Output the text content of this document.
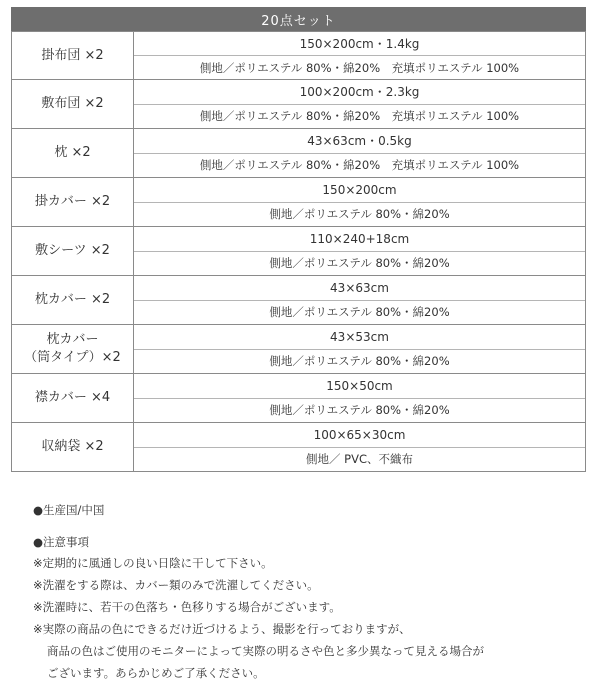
20点セット
掛布団 ×2
150×200cm・1.4kg
側地／ポリエステル 80%・綿20%　充填ポリエステル 100%
敷布団 ×2
100×200cm・2.3kg
側地／ポリエステル 80%・綿20%　充填ポリエステル 100%
枕 ×2
43×63cm・0.5kg
側地／ポリエステル 80%・綿20%　充填ポリエステル 100%
掛カバー ×2
150×200cm
側地／ポリエステル 80%・綿20%
敷シーツ ×2
110×240+18cm
側地／ポリエステル 80%・綿20%
枕カバー ×2
43×63cm
側地／ポリエステル 80%・綿20%
枕カバー
（筒タイプ）×2
43×53cm
側地／ポリエステル 80%・綿20%
襟カバー ×4
150×50cm
側地／ポリエステル 80%・綿20%
収納袋 ×2
100×65×30cm
側地／ PVC、不織布
●生産国/中国
●注意事項
※定期的に風通しの良い日陰に干して下さい。
※洗濯をする際は、カバー類のみで洗濯してください。
※洗濯時に、若干の色落ち・色移りする場合がございます。
※実際の商品の色にできるだけ近づけるよう、撮影を行っておりますが、
商品の色はご使用のモニターによって実際の明るさや色と多少異なって見える場合が
ございます。あらかじめご了承ください。
